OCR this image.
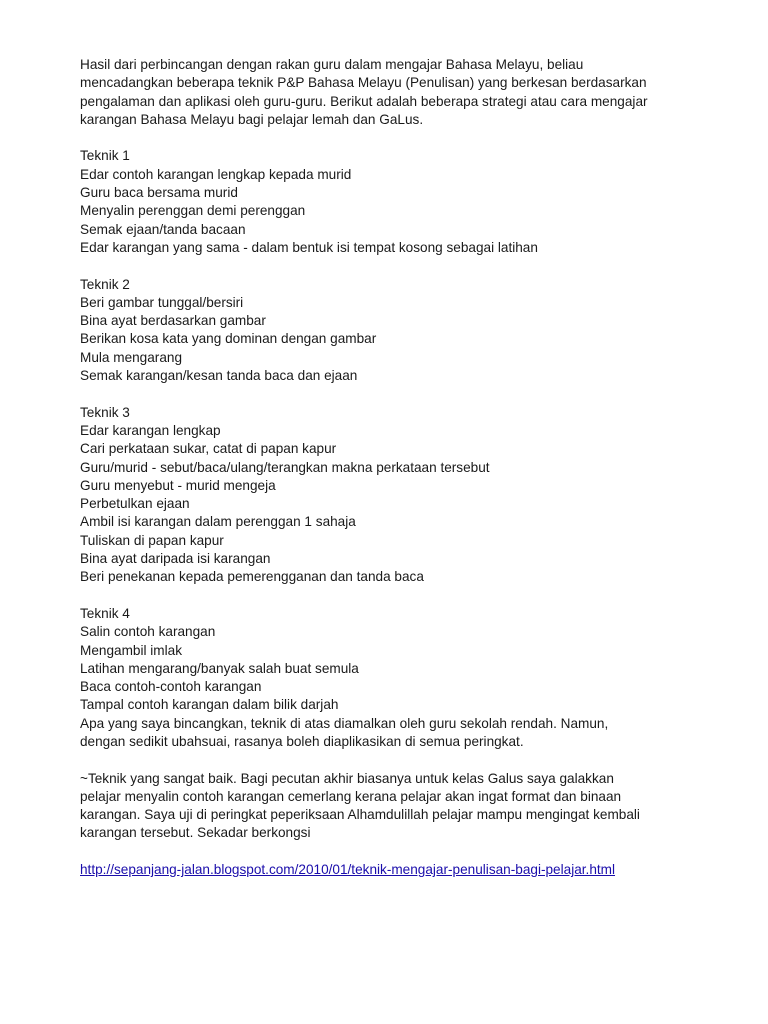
Hasil dari perbincangan dengan rakan guru dalam mengajar Bahasa Melayu, beliau
mencadangkan beberapa teknik P&P Bahasa Melayu (Penulisan) yang berkesan berdasarkan
pengalaman dan aplikasi oleh guru-guru. Berikut adalah beberapa strategi atau cara mengajar
karangan Bahasa Melayu bagi pelajar lemah dan GaLus.

Teknik 1
Edar contoh karangan lengkap kepada murid
Guru baca bersama murid
Menyalin perenggan demi perenggan
Semak ejaan/tanda bacaan
Edar karangan yang sama - dalam bentuk isi tempat kosong sebagai latihan

Teknik 2
Beri gambar tunggal/bersiri
Bina ayat berdasarkan gambar
Berikan kosa kata yang dominan dengan gambar
Mula mengarang
Semak karangan/kesan tanda baca dan ejaan

Teknik 3
Edar karangan lengkap
Cari perkataan sukar, catat di papan kapur
Guru/murid - sebut/baca/ulang/terangkan makna perkataan tersebut
Guru menyebut - murid mengeja
Perbetulkan ejaan
Ambil isi karangan dalam perenggan 1 sahaja
Tuliskan di papan kapur
Bina ayat daripada isi karangan
Beri penekanan kepada pemerengganan dan tanda baca

Teknik 4
Salin contoh karangan
Mengambil imlak
Latihan mengarang/banyak salah buat semula
Baca contoh-contoh karangan
Tampal contoh karangan dalam bilik darjah
Apa yang saya bincangkan, teknik di atas diamalkan oleh guru sekolah rendah. Namun,
dengan sedikit ubahsuai, rasanya boleh diaplikasikan di semua peringkat.

~Teknik yang sangat baik. Bagi pecutan akhir biasanya untuk kelas Galus saya galakkan
pelajar menyalin contoh karangan cemerlang kerana pelajar akan ingat format dan binaan
karangan. Saya uji di peringkat peperiksaan Alhamdulillah pelajar mampu mengingat kembali
karangan tersebut. Sekadar berkongsi

http://sepanjang-jalan.blogspot.com/2010/01/teknik-mengajar-penulisan-bagi-pelajar.html
